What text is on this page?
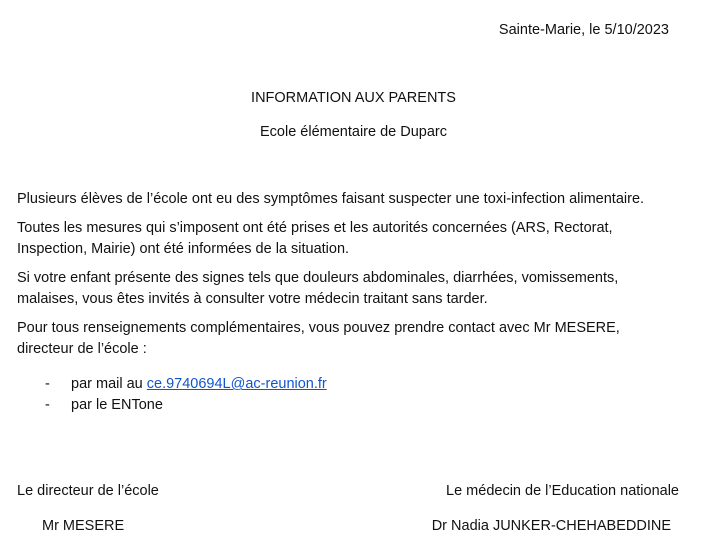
Sainte-Marie, le 5/10/2023
INFORMATION AUX PARENTS
Ecole élémentaire de Duparc

Plusieurs élèves de l’école ont eu des symptômes faisant suspecter une toxi-infection alimentaire.

Toutes les mesures qui s’imposent ont été prises et les autorités concernées (ARS, Rectorat,
Inspection, Mairie) ont été informées de la situation.

Si votre enfant présente des signes tels que douleurs abdominales, diarrhées, vomissements,
malaises, vous êtes invités à consulter votre médecin traitant sans tarder.

Pour tous renseignements complémentaires, vous pouvez prendre contact avec Mr MESERE,
directeur de l’école :

-	par mail au ce.9740694L@ac-reunion.fr
-	par le ENTone
Le directeur de l’école	Le médecin de l’Education nationale
Mr MESERE	Dr Nadia JUNKER-CHEHABEDDINE
